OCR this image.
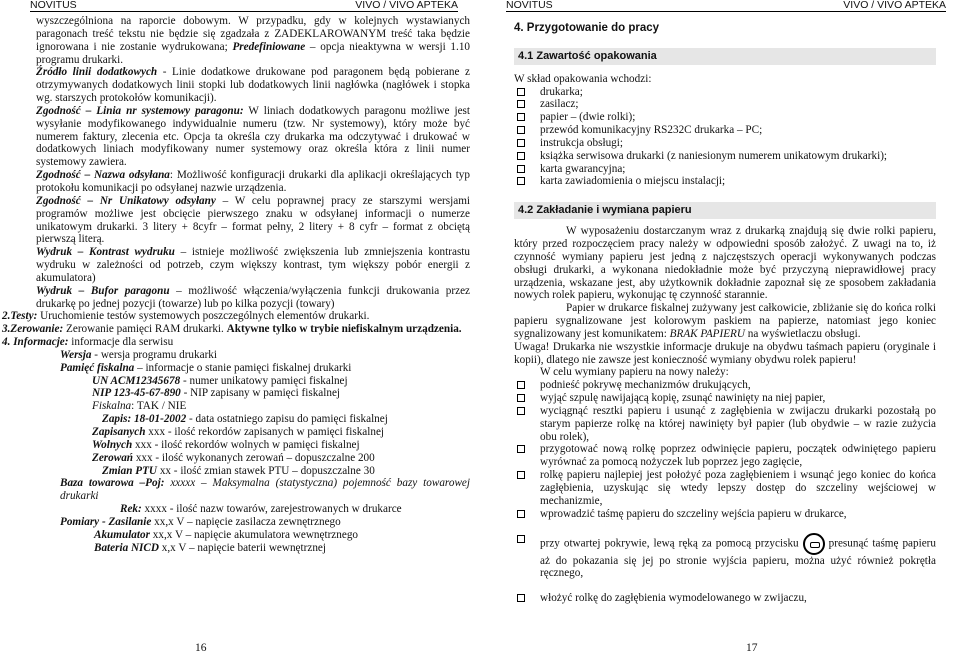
NOVITUS	VIVO / VIVO APTEKA

wyszczególniona na raporcie dobowym. W przypadku, gdy w kolejnych wystawianych paragonach treść tekstu nie będzie się zgadzała z ZADEKLAROWANYM treść taka będzie ignorowana i nie zostanie wydrukowana; Predefiniowane – opcja nieaktywna w wersji 1.10 programu drukarki.

Źródło linii dodatkowych - Linie dodatkowe drukowane pod paragonem będą pobierane z otrzymywanych dodatkowych linii stopki lub dodatkowych linii nagłówka (nagłówek i stopka wg. starszych protokołów komunikacji).

Zgodność – Linia nr systemowy paragonu: W liniach dodatkowych paragonu możliwe jest wysyłanie modyfikowanego indywidualnie numeru (tzw. Nr systemowy), który może być numerem faktury, zlecenia etc. Opcja ta określa czy drukarka ma odczytywać i drukować w dodatkowych liniach modyfikowany numer systemowy oraz określa która z linii numer systemowy zawiera.

Zgodność – Nazwa odsyłana: Możliwość konfiguracji drukarki dla aplikacji określających typ protokołu komunikacji po odsyłanej nazwie urządzenia.

Zgodność – Nr Unikatowy odsyłany – W celu poprawnej pracy ze starszymi wersjami programów możliwe jest obcięcie pierwszego znaku w odsyłanej informacji o numerze unikatowym drukarki. 3 litery + 8cyfr – format pełny, 2 litery + 8 cyfr – format z obciętą pierwszą literą.

Wydruk – Kontrast wydruku – istnieje możliwość zwiększenia lub zmniejszenia kontrastu wydruku w zależności od potrzeb, czym większy kontrast, tym większy pobór energii z akumulatora)

Wydruk – Bufor paragonu – możliwość włączenia/wyłączenia funkcji drukowania przez drukarkę po jednej pozycji (towarze) lub po kilka pozycji (towary)

2.Testy: Uruchomienie testów systemowych poszczególnych elementów drukarki.

3.Zerowanie: Zerowanie pamięci RAM drukarki. Aktywne tylko w trybie niefiskalnym urządzenia.

4. Informacje: informacje dla serwisu

Wersja - wersja programu drukarki
Pamięć fiskalna – informacje o stanie pamięci fiskalnej drukarki
UN ACM12345678 - numer unikatowy pamięci fiskalnej
NIP 123-45-67-890 - NIP zapisany w pamięci fiskalnej
Fiskalna: TAK / NIE
Zapis: 18-01-2002 - data ostatniego zapisu do pamięci fiskalnej
Zapisanych xxx - ilość rekordów zapisanych w pamięci fiskalnej
Wolnych xxx - ilość rekordów wolnych w pamięci fiskalnej
Zerowań xxx - ilość wykonanych zerowań – dopuszczalne 200
Zmian PTU xx - ilość zmian stawek PTU – dopuszczalne 30

Baza towarowa –Poj: xxxxx – Maksymalna (statystyczna) pojemność bazy towarowej drukarki

Rek: xxxx - ilość nazw towarów, zarejestrowanych w drukarce
Pomiary - Zasilanie xx,x V – napięcie zasilacza zewnętrznego
Akumulator xx,x V – napięcie akumulatora wewnętrznego
Bateria NICD x,x V – napięcie baterii wewnętrznej
16
NOVITUS	VIVO / VIVO APTEKA
4. Przygotowanie do pracy
4.1 Zawartość opakowania

W skład opakowania wchodzi:

drukarka;
zasilacz;
papier – (dwie rolki);
przewód komunikacyjny RS232C drukarka – PC;
instrukcja obsługi;
książka serwisowa drukarki (z naniesionym numerem unikatowym drukarki);
karta gwarancyjna;
karta zawiadomienia o miejscu instalacji;
4.2 Zakładanie i wymiana papieru

W wyposażeniu dostarczanym wraz z drukarką znajdują się dwie rolki papieru, który przed rozpoczęciem pracy należy w odpowiedni sposób założyć. Z uwagi na to, iż czynność wymiany papieru jest jedną z najczęstszych operacji wykonywanych podczas obsługi drukarki, a wykonana niedokładnie może być przyczyną nieprawidłowej pracy urządzenia, wskazane jest, aby użytkownik dokładnie zapoznał się ze sposobem zakładania nowych rolek papieru, wykonując tę czynność starannie.

Papier w drukarce fiskalnej zużywany jest całkowicie, zbliżanie się do końca rolki papieru sygnalizowane jest kolorowym paskiem na papierze, natomiast jego koniec sygnalizowany jest komunikatem: BRAK PAPIERU na wyświetlaczu obsługi.

Uwaga! Drukarka nie wszystkie informacje drukuje na obydwu taśmach papieru (oryginale i kopii), dlatego nie zawsze jest konieczność wymiany obydwu rolek papieru!

W celu wymiany papieru na nowy należy:

podnieść pokrywę mechanizmów drukujących,
wyjąć szpulę nawijającą kopię, zsunąć nawinięty na niej papier,
wyciągnąć resztki papieru i usunąć z zagłębienia w zwijaczu drukarki pozostałą po starym papierze rolkę na której nawinięty był papier (lub obydwie – w razie zużycia obu rolek),
przygotować nową rolkę poprzez odwinięcie papieru, początek odwiniętego papieru wyrównać za pomocą nożyczek lub poprzez jego zagięcie,
rolkę papieru najlepiej jest położyć poza zagłębieniem i wsunąć jego koniec do końca zagłębienia, uzyskując się wtedy lepszy dostęp do szczeliny wejściowej w mechanizmie,
wprowadzić taśmę papieru do szczeliny wejścia papieru w drukarce,
przy otwartej pokrywie, lewą ręką za pomocą przycisku	presunąć taśmę papieru aż do pokazania się jej po stronie wyjścia papieru, można użyć również pokrętła ręcznego,
włożyć rolkę do zagłębienia wymodelowanego w zwijaczu,
17
